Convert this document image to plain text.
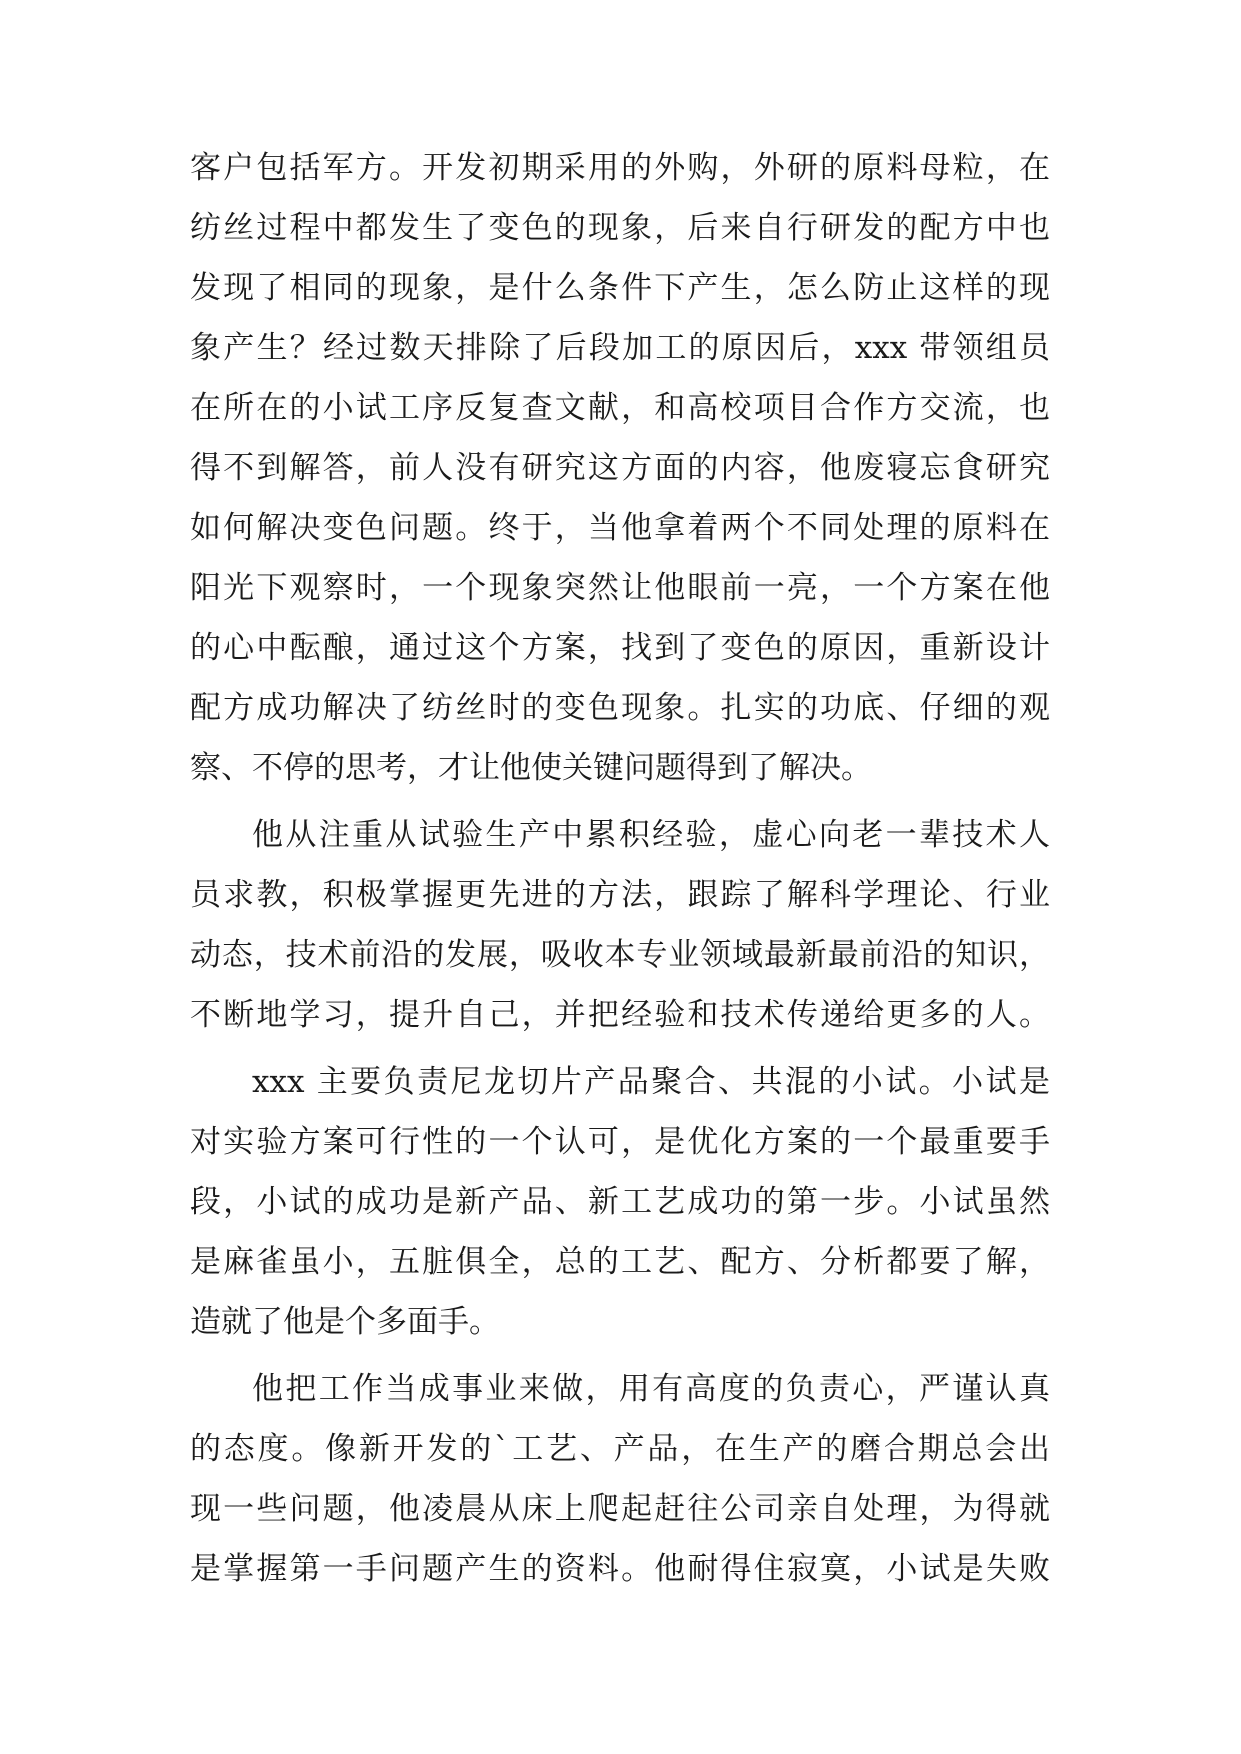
客户包括军方。开发初期采用的外购，外研的原料母粒，在

纺丝过程中都发生了变色的现象，后来自行研发的配方中也

发现了相同的现象，是什么条件下产生，怎么防止这样的现

象产生？经过数天排除了后段加工的原因后，xxx 带领组员

在所在的小试工序反复查文献，和高校项目合作方交流，也

得不到解答，前人没有研究这方面的内容，他废寝忘食研究

如何解决变色问题。终于，当他拿着两个不同处理的原料在

阳光下观察时，一个现象突然让他眼前一亮，一个方案在他

的心中酝酿，通过这个方案，找到了变色的原因，重新设计

配方成功解决了纺丝时的变色现象。扎实的功底、仔细的观

察、不停的思考，才让他使关键问题得到了解决。

他从注重从试验生产中累积经验，虚心向老一辈技术人

员求教，积极掌握更先进的方法，跟踪了解科学理论、行业

动态，技术前沿的发展，吸收本专业领域最新最前沿的知识，

不断地学习，提升自己，并把经验和技术传递给更多的人。

xxx 主要负责尼龙切片产品聚合、共混的小试。小试是

对实验方案可行性的一个认可，是优化方案的一个最重要手

段，小试的成功是新产品、新工艺成功的第一步。小试虽然

是麻雀虽小，五脏俱全，总的工艺、配方、分析都要了解，

造就了他是个多面手。

他把工作当成事业来做，用有高度的负责心，严谨认真

的态度。像新开发的`工艺、产品，在生产的磨合期总会出

现一些问题，他凌晨从床上爬起赶往公司亲自处理，为得就

是掌握第一手问题产生的资料。他耐得住寂寞，小试是失败
